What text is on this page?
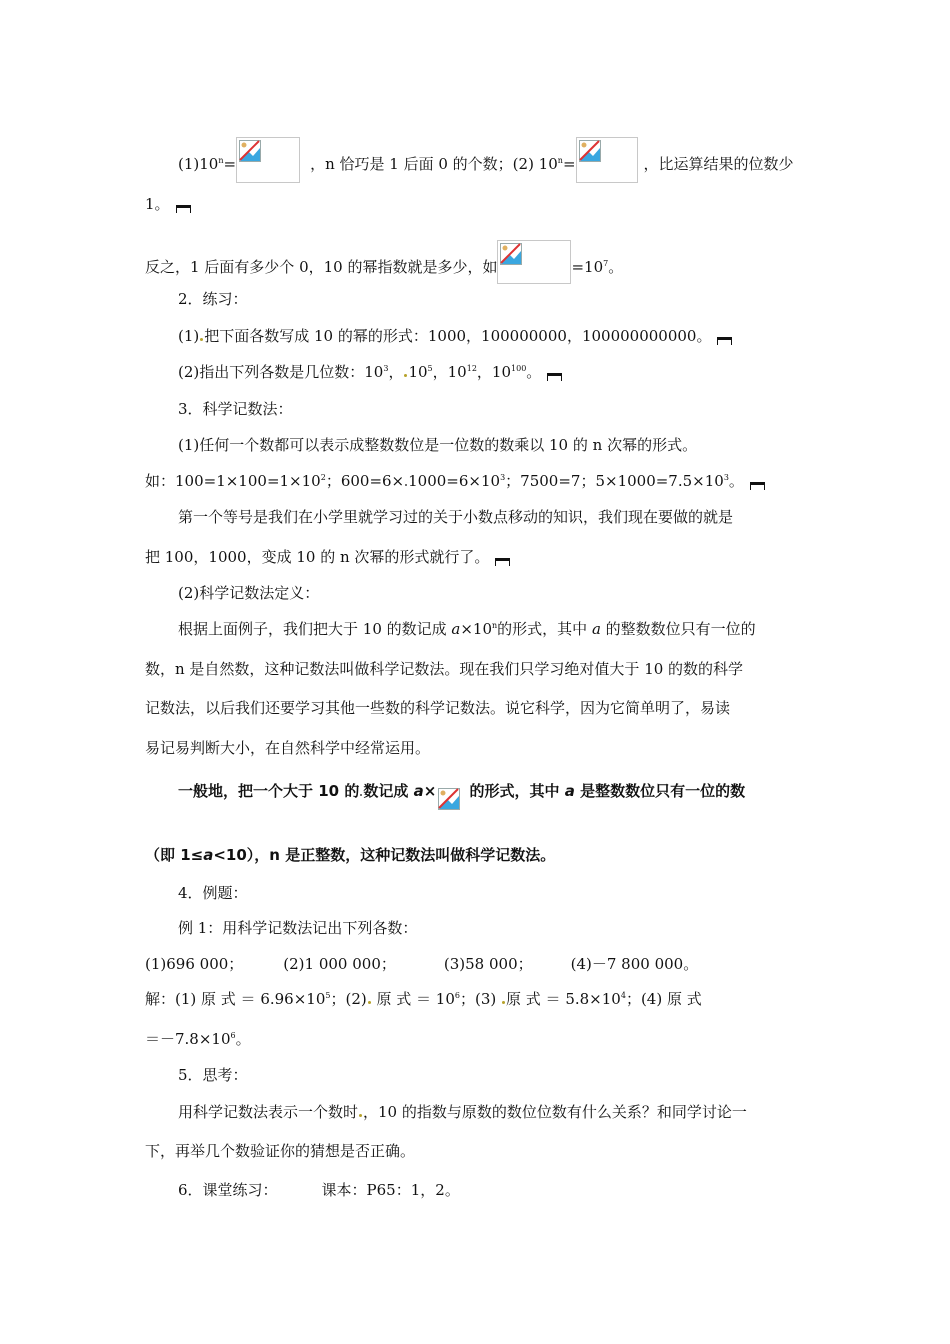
$(1)10^n=$	，n 恰巧是 1 后面 0 的个数；(2) $10^n=$	，比运算结果的位数少
1。
反之，1 后面有多少个 0，10 的幂指数就是多少，如	$=10^7$。
2．练习：
(1) 把下面各数写成 10 的幂的形式：1000，100000000，100000000000。
(2)指出下列各数是几位数：$10^3$， $10^5$，$10^{12}$，$10^{100}$。
3．科学记数法：
(1)任何一个数都可以表示成整数数位是一位数的数乘以 10 的 n 次幂的形式。
如：$100=1\times 100=1\times 10^2$；$600=6\times 1000=6\times 10^3$；7500=7；$5\times 1000=7.5\times 10^3$。
第一个等号是我们在小学里就学习过的关于小数点移动的知识，我们现在要做的就是
把 100，1000，变成 10 的 n 次幂的形式就行了。
(2)科学记数法定义：
根据上面例子，我们把大于 10 的数记成 $a\times 10^n$的形式，其中 a 的整数数位只有一位的
数，n 是自然数，这种记数法叫做科学记数法。现在我们只学习绝对值大于 10 的数的科学
记数法，以后我们还要学习其他一些数的科学记数法。说它科学，因为它简单明了，易读
易记易判断大小，在自然科学中经常运用。
一般地，把一个大于 10 的 数记成 a×
的形式，其中 a 是整数数位只有一位的数
（即 1≤a<10），n 是正整数，这种记数法叫做科学记数法。
4．例题：
例 1：用科学记数法记出下列各数：
(1)696 000；	(2)1 000 000；	(3)58 000；	(4)－7 800 000。
解：(1) 原 式 ＝ $6.96\times 10^5$；(2) 原 式 ＝ $10^6$；(3) 原 式 ＝ $5.8\times 10^4$；(4) 原 式
$=-7.8\times 10^6$。
5．思考：
用科学记数法表示一个数时 ，10 的指数与原数的数位位数有什么关系？和同学讨论一
下，再举几个数验证你的猜想是否正确。
6．课堂练习：	课本：P65：1，2。
